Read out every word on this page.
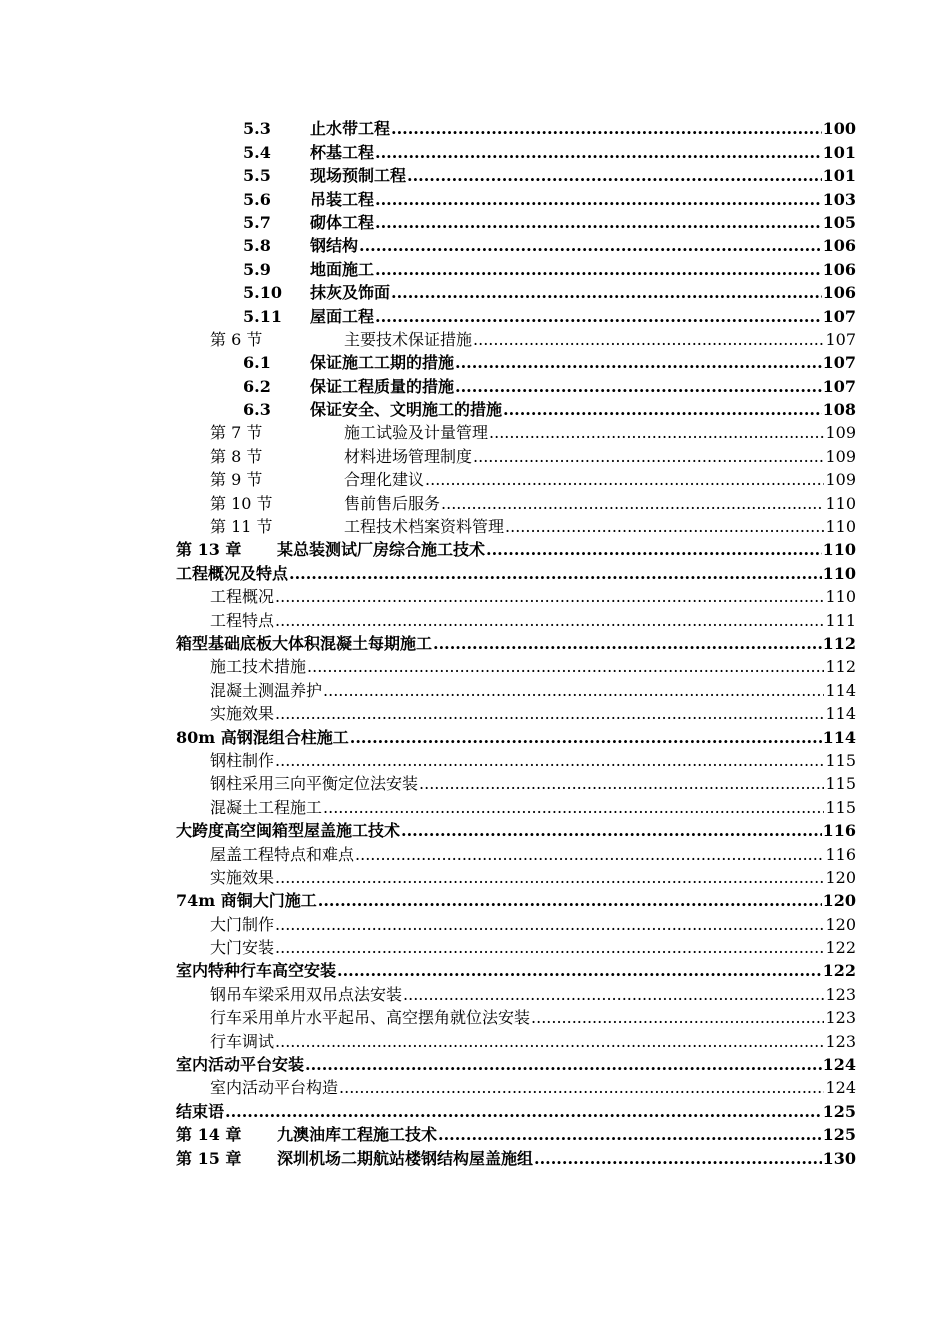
5.3	止水带工程 .....	100
5.4	杯基工程 .....	101
5.5	现场预制工程 .....	101
5.6	吊装工程 .....	103
5.7	砌体工程 .....	105
5.8	钢结构 .....	106
5.9	地面施工 .....	106
5.10	抹灰及饰面 .....	106
5.11	屋面工程 .....	107
第 6 节	主要技术保证措施 .....	107
6.1	保证施工工期的措施 .....	107
6.2	保证工程质量的措施 .....	107
6.3	保证安全、文明施工的措施 .....	108
第 7 节	施工试验及计量管理 .....	109
第 8 节	材料进场管理制度 .....	109
第 9 节	合理化建议 .....	109
第 10 节	售前售后服务 .....	110
第 11 节	工程技术档案资料管理 .....	110
第 13 章	某总装测试厂房综合施工技术 .....	110
工程概况及特点 .....	110
工程概况 .....	110
工程特点 .....	111
箱型基础底板大体积混凝土每期施工 .....	112
施工技术措施 .....	112
混凝土测温养护 .....	114
实施效果 .....	114
80m 高钢混组合柱施工 .....	114
钢柱制作 .....	115
钢柱采用三向平衡定位法安装 .....	115
混凝土工程施工 .....	115
大跨度高空闽箱型屋盖施工技术 .....	116
屋盖工程特点和难点 .....	116
实施效果 .....	120
74m 商铜大门施工 .....	120
大门制作 .....	120
大门安装 .....	122
室内特种行车高空安装 .....	122
钢吊车梁采用双吊点法安装 .....	123
行车采用单片水平起吊、高空摆角就位法安装 .....	123
行车调试 .....	123
室内活动平台安装 .....	124
室内活动平台构造 .....	124
结束语 .....	125
第 14 章	九澳油库工程施工技术 .....	125
第 15 章	深圳机场二期航站楼钢结构屋盖施组 .....	130
